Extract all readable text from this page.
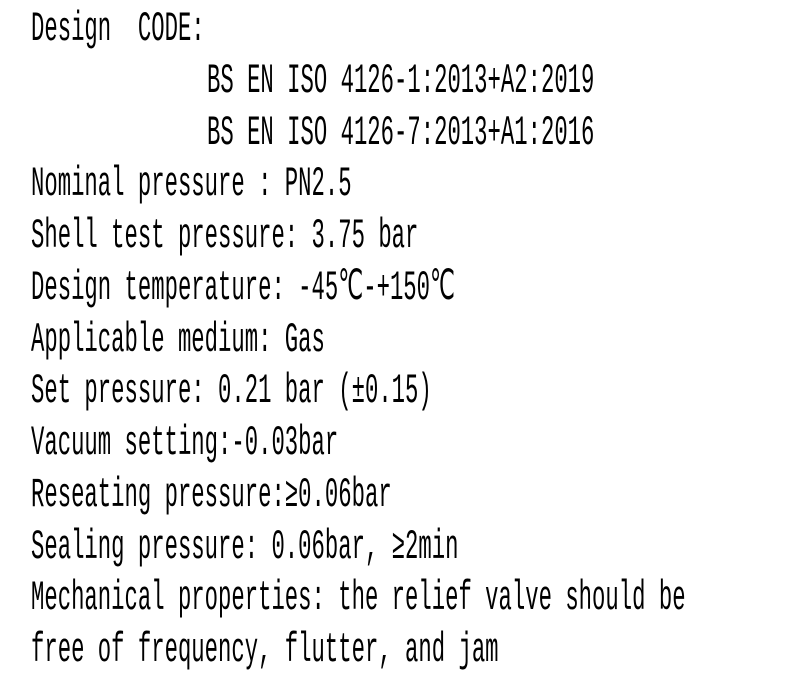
Design  CODE:
BS EN ISO 4126-1:2013+A2:2019
BS EN ISO 4126-7:2013+A1:2016
Nominal pressure : PN2.5
Shell test pressure: 3.75 bar
Design temperature: -45℃-+150℃
Applicable medium: Gas
Set pressure: 0.21 bar (±0.15)
Vacuum setting:-0.03bar
Reseating pressure:≥0.06bar
Sealing pressure: 0.06bar, ≥2min
Mechanical properties: the relief valve should be
free of frequency, flutter, and jam
